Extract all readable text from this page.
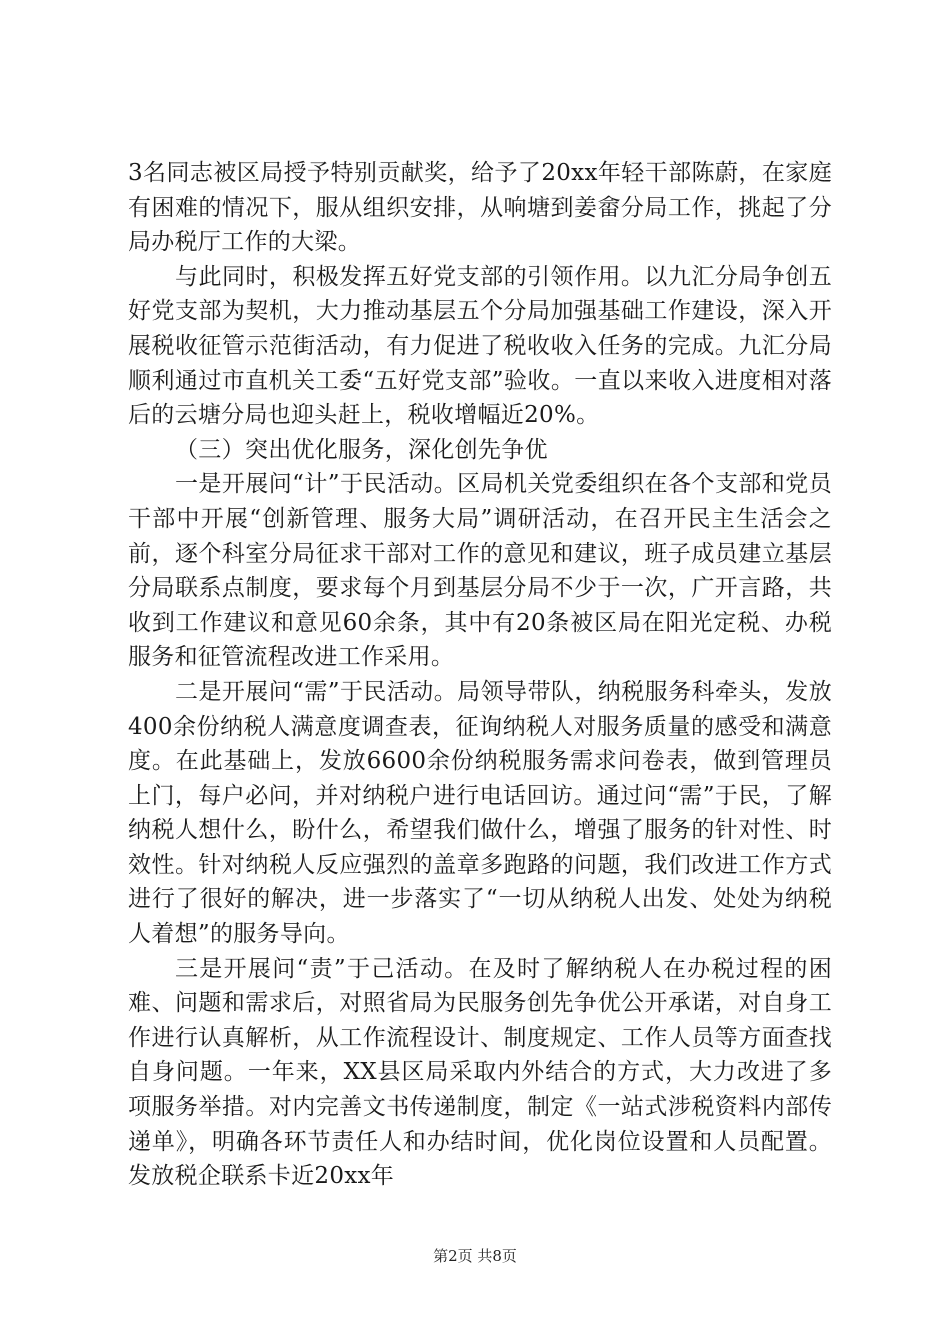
3名同志被区局授予特别贡献奖，给予了20xx年轻干部陈蔚，在家庭有困难的情况下，服从组织安排，从响塘到姜畲分局工作，挑起了分局办税厅工作的大梁。

与此同时，积极发挥五好党支部的引领作用。以九汇分局争创五好党支部为契机，大力推动基层五个分局加强基础工作建设，深入开展税收征管示范街活动，有力促进了税收收入任务的完成。九汇分局顺利通过市直机关工委“五好党支部”验收。一直以来收入进度相对落后的云塘分局也迎头赶上，税收增幅近20%。

（三）突出优化服务，深化创先争优

一是开展问“计”于民活动。区局机关党委组织在各个支部和党员干部中开展“创新管理、服务大局”调研活动，在召开民主生活会之前，逐个科室分局征求干部对工作的意见和建议，班子成员建立基层分局联系点制度，要求每个月到基层分局不少于一次，广开言路，共收到工作建议和意见60余条，其中有20条被区局在阳光定税、办税服务和征管流程改进工作采用。

二是开展问“需”于民活动。局领导带队，纳税服务科牵头，发放400余份纳税人满意度调查表，征询纳税人对服务质量的感受和满意度。在此基础上，发放6600余份纳税服务需求问卷表，做到管理员上门，每户必问，并对纳税户进行电话回访。通过问“需”于民，了解纳税人想什么，盼什么，希望我们做什么，增强了服务的针对性、时效性。针对纳税人反应强烈的盖章多跑路的问题，我们改进工作方式进行了很好的解决，进一步落实了“一切从纳税人出发、处处为纳税人着想”的服务导向。

三是开展问“责”于己活动。在及时了解纳税人在办税过程的困难、问题和需求后，对照省局为民服务创先争优公开承诺，对自身工作进行认真解析，从工作流程设计、制度规定、工作人员等方面查找自身问题。一年来，XX县区局采取内外结合的方式，大力改进了多项服务举措。对内完善文书传递制度，制定《一站式涉税资料内部传递单》，明确各环节责任人和办结时间，优化岗位设置和人员配置。发放税企联系卡近20xx年

第2页 共8页
